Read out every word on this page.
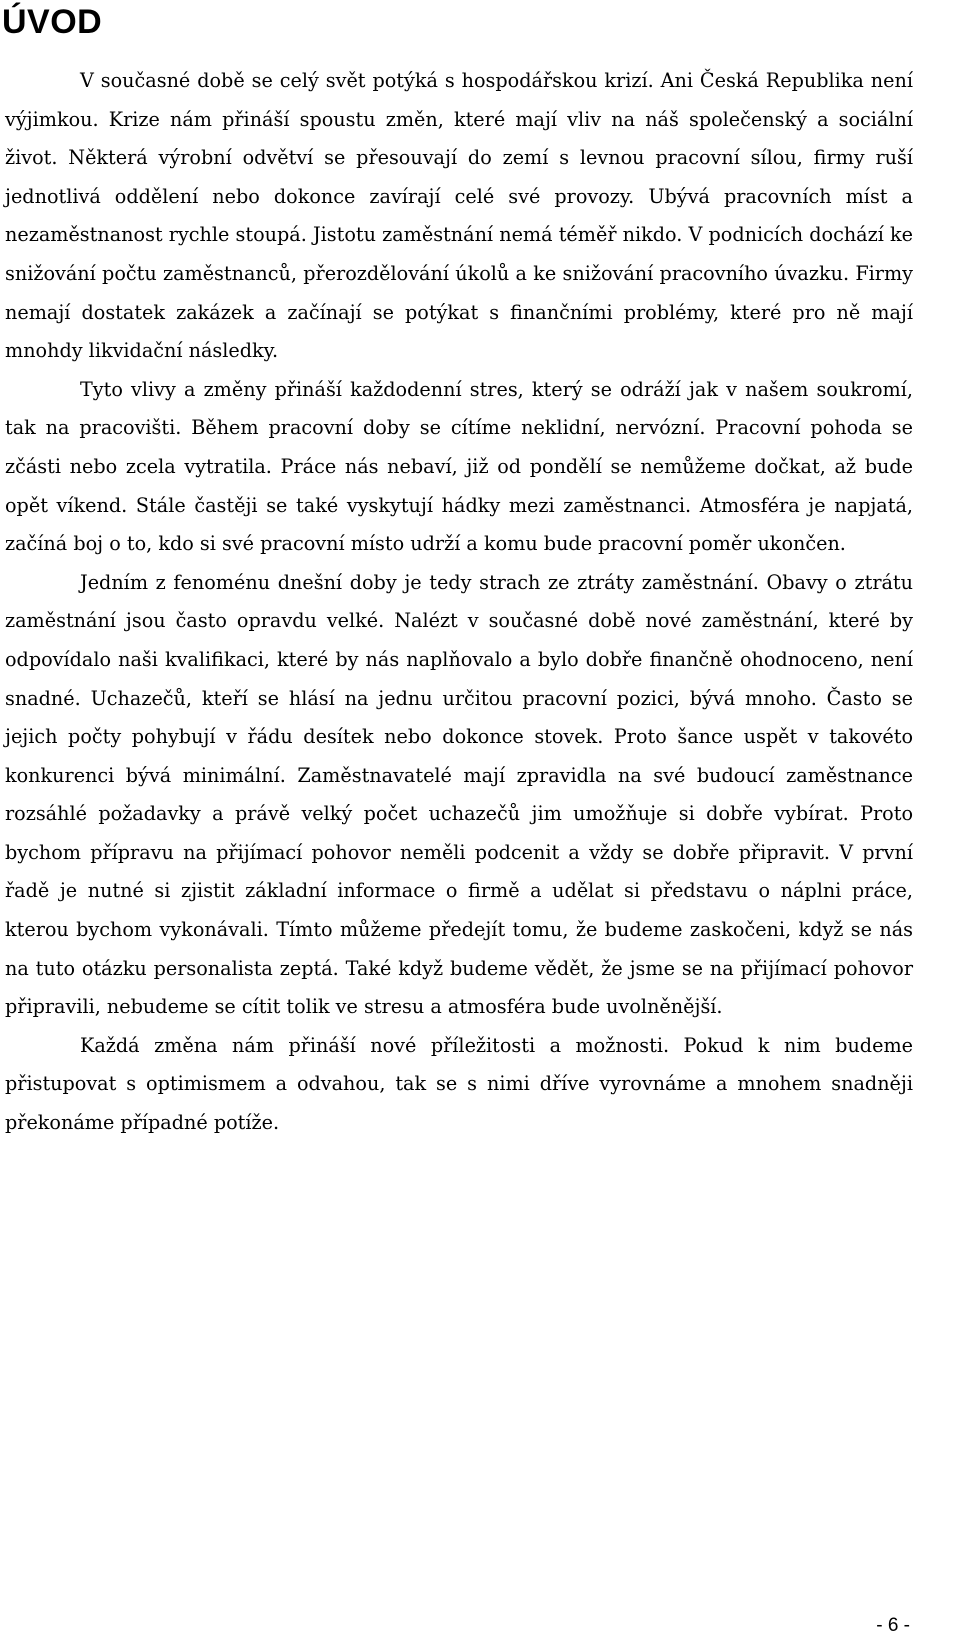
ÚVOD

V současné době se celý svět potýká s hospodářskou krizí. Ani Česká Republika není výjimkou. Krize nám přináší spoustu změn, které mají vliv na náš společenský a sociální život. Některá výrobní odvětví se přesouvají do zemí s levnou pracovní sílou, firmy ruší jednotlivá oddělení nebo dokonce zavírají celé své provozy. Ubývá pracovních míst a nezaměstnanost rychle stoupá. Jistotu zaměstnání nemá téměř nikdo. V podnicích dochází ke snižování počtu zaměstnanců, přerozdělování úkolů a ke snižování pracovního úvazku. Firmy nemají dostatek zakázek a začínají se potýkat s finančními problémy, které pro ně mají mnohdy likvidační následky.

Tyto vlivy a změny přináší každodenní stres, který se odráží jak v našem soukromí, tak na pracovišti. Během pracovní doby se cítíme neklidní, nervózní. Pracovní pohoda se zčásti nebo zcela vytratila. Práce nás nebaví, již od pondělí se nemůžeme dočkat, až bude opět víkend. Stále častěji se také vyskytují hádky mezi zaměstnanci. Atmosféra je napjatá, začíná boj o to, kdo si své pracovní místo udrží a komu bude pracovní poměr ukončen.

Jedním z fenoménu dnešní doby je tedy strach ze ztráty zaměstnání. Obavy o ztrátu zaměstnání jsou často opravdu velké. Nalézt v současné době nové zaměstnání, které by odpovídalo naši kvalifikaci, které by nás naplňovalo a bylo dobře finančně ohodnoceno, není snadné. Uchazečů, kteří se hlásí na jednu určitou pracovní pozici, bývá mnoho. Často se jejich počty pohybují v řádu desítek nebo dokonce stovek. Proto šance uspět v takovéto konkurenci bývá minimální. Zaměstnavatelé mají zpravidla na své budoucí zaměstnance rozsáhlé požadavky a právě velký počet uchazečů jim umožňuje si dobře vybírat. Proto bychom přípravu na přijímací pohovor neměli podcenit a vždy se dobře připravit. V první řadě je nutné si zjistit základní informace o firmě a udělat si představu o náplni práce, kterou bychom vykonávali. Tímto můžeme předejít tomu, že budeme zaskočeni, když se nás na tuto otázku personalista zeptá. Také když budeme vědět, že jsme se na přijímací pohovor připravili, nebudeme se cítit tolik ve stresu a atmosféra bude uvolněnější.

Každá změna nám přináší nové příležitosti a možnosti. Pokud k nim budeme přistupovat s optimismem a odvahou, tak se s nimi dříve vyrovnáme a mnohem snadněji překonáme případné potíže.

- 6 -
